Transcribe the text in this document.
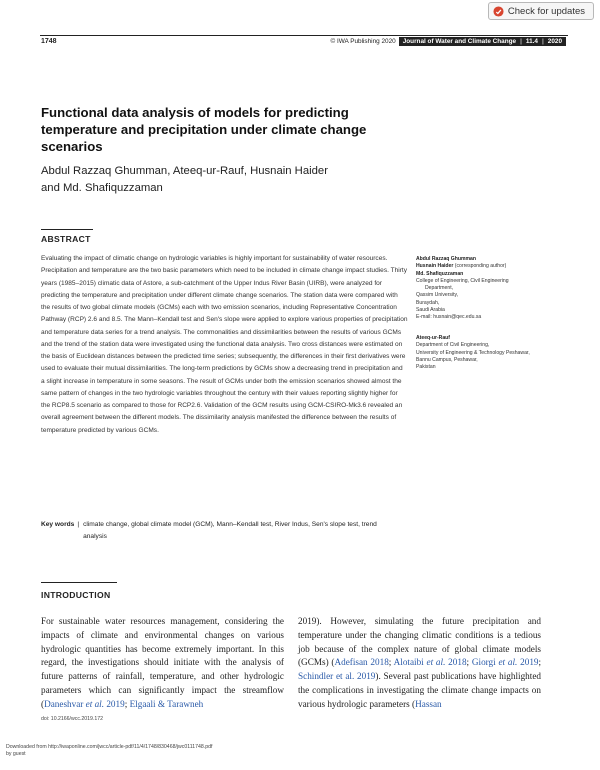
Check for updates
1748	© IWA Publishing 2020 Journal of Water and Climate Change | 11.4 | 2020
Functional data analysis of models for predicting temperature and precipitation under climate change scenarios

Abdul Razzaq Ghumman, Ateeq-ur-Rauf, Husnain Haider
and Md. Shafiquzzaman

ABSTRACT

Evaluating the impact of climatic change on hydrologic variables is highly important for sustainability of water resources. Precipitation and temperature are the two basic parameters which need to be included in climate change impact studies. Thirty years (1985–2015) climatic data of Astore, a sub-catchment of the Upper Indus River Basin (UIRB), were analyzed for predicting the temperature and precipitation under different climate change scenarios. The station data were compared with the results of two global climate models (GCMs) each with two emission scenarios, including Representative Concentration Pathway (RCP) 2.6 and 8.5. The Mann–Kendall test and Sen's slope were applied to explore various properties of precipitation and temperature data series for a trend analysis. The commonalities and dissimilarities between the results of various GCMs and the trend of the station data were investigated using the functional data analysis. Two cross distances were estimated on the basis of Euclidean distances between the predicted time series; subsequently, the differences in their first derivatives were used to evaluate their mutual dissimilarities. The long-term predictions by GCMs show a decreasing trend in precipitation and a slight increase in temperature in some seasons. The result of GCMs under both the emission scenarios showed almost the same pattern of changes in the two hydrologic variables throughout the century with their values reporting slightly higher for the RCP8.5 scenario as compared to those for RCP2.6. Validation of the GCM results using GCM-CSIRO-Mk3.6 revealed an overall agreement between the different models. The dissimilarity analysis manifested the difference between the results of temperature predicted by various GCMs.

Key words | climate change, global climate model (GCM), Mann–Kendall test, River Indus, Sen's slope test, trend analysis
Abdul Razzaq Ghumman
Husnain Haider (corresponding author)
Md. Shafiquzzaman
College of Engineering, Civil Engineering
Department,
Qassim University,
Buraydah,
Saudi Arabia
E-mail: husnain@qec.edu.sa
Ateeq-ur-Rauf
Department of Civil Engineering,
University of Engineering & Technology Peshawar,
Bannu Campus, Peshawar,
Pakistan
INTRODUCTION

For sustainable water resources management, considering the impacts of climate and environmental changes on various hydrologic quantities has become extremely important. In this regard, the investigations should initiate with the analysis of future patterns of rainfall, temperature, and other hydrologic parameters which can significantly impact the streamflow (Daneshvar et al. 2019; Elgaali & Tarawneh

2019). However, simulating the future precipitation and temperature under the changing climatic conditions is a tedious job because of the complex nature of global climate models (GCMs) (Adefisan 2018; Alotaibi et al. 2018; Giorgi et al. 2019; Schindler et al. 2019). Several past publications have highlighted the complications in investigating the climate change impacts on various hydrologic parameters (Hassan

doi: 10.2166/wcc.2019.172
Downloaded from http://iwaponline.com/jwcc/article-pdf/11/4/1748/830468/jwc0111748.pdf
by guest
